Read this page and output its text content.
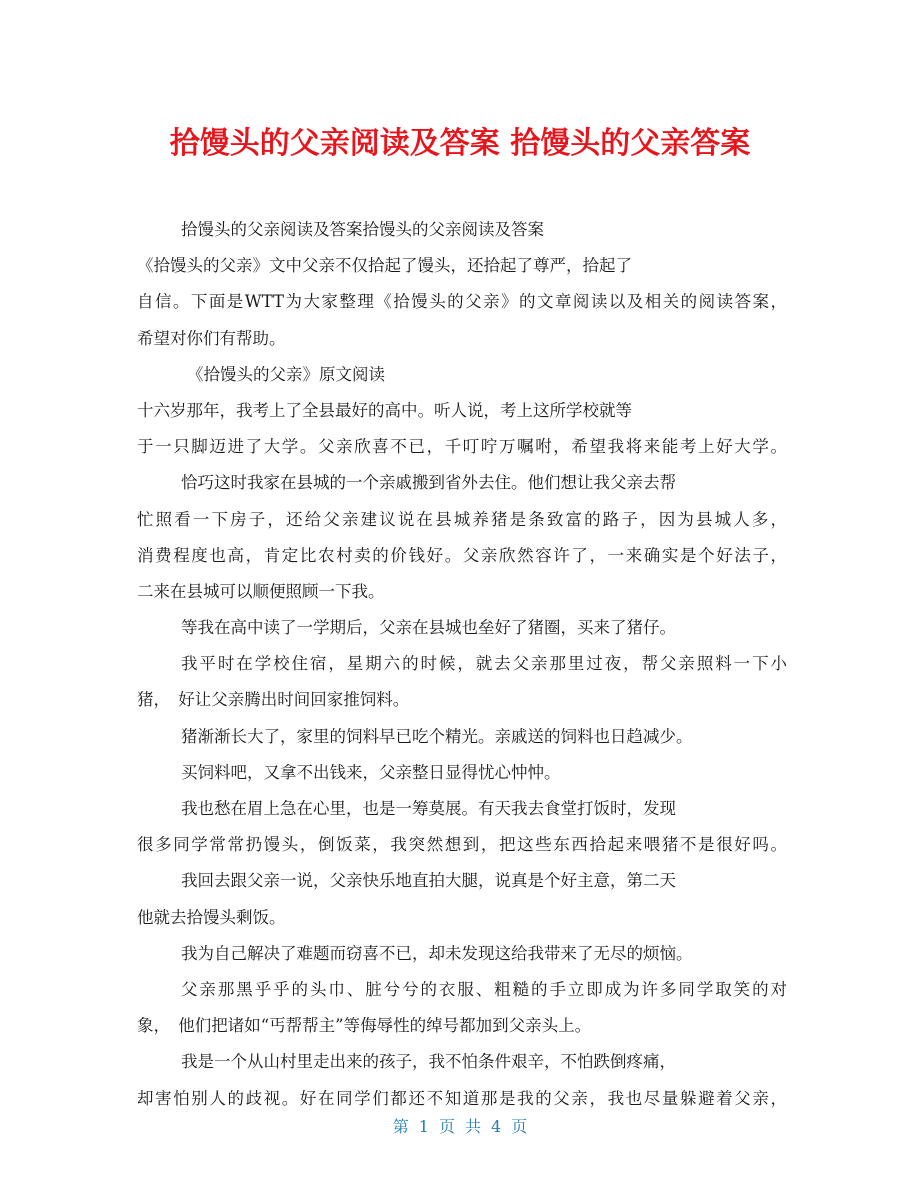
拾馒头的父亲阅读及答案 拾馒头的父亲答案
拾馒头的父亲阅读及答案拾馒头的父亲阅读及答案
《拾馒头的父亲》文中父亲不仅拾起了馒头，还拾起了尊严，拾起了
自信。下面是WTT为大家整理《拾馒头的父亲》的文章阅读以及相关的阅读答案，
希望对你们有帮助。
《拾馒头的父亲》原文阅读
十六岁那年，我考上了全县最好的高中。听人说，考上这所学校就等
于一只脚迈进了大学。父亲欣喜不已，千叮咛万嘱咐，希望我将来能考上好大学。
恰巧这时我家在县城的一个亲戚搬到省外去住。他们想让我父亲去帮
忙照看一下房子，还给父亲建议说在县城养猪是条致富的路子，因为县城人多，
消费程度也高，肯定比农村卖的价钱好。父亲欣然容许了，一来确实是个好法子，
二来在县城可以顺便照顾一下我。
等我在高中读了一学期后，父亲在县城也垒好了猪圈，买来了猪仔。
我平时在学校住宿，星期六的时候，就去父亲那里过夜，帮父亲照料一下小
猪，　好让父亲腾出时间回家推饲料。
猪渐渐长大了，家里的饲料早已吃个精光。亲戚送的饲料也日趋减少。
买饲料吧，又拿不出钱来，父亲整日显得忧心忡忡。
我也愁在眉上急在心里，也是一筹莫展。有天我去食堂打饭时，发现
很多同学常常扔馒头，倒饭菜，我突然想到，把这些东西拾起来喂猪不是很好吗。
我回去跟父亲一说，父亲快乐地直拍大腿，说真是个好主意，第二天
他就去拾馒头剩饭。
我为自己解决了难题而窃喜不已，却未发现这给我带来了无尽的烦恼。
父亲那黑乎乎的头巾、脏兮兮的衣服、粗糙的手立即成为许多同学取笑的对
象，　他们把诸如“丐帮帮主”等侮辱性的绰号都加到父亲头上。
我是一个从山村里走出来的孩子，我不怕条件艰辛，不怕跌倒疼痛，
却害怕别人的歧视。好在同学们都还不知道那是我的父亲，我也尽量躲避着父亲，
第 1 页 共 4 页
